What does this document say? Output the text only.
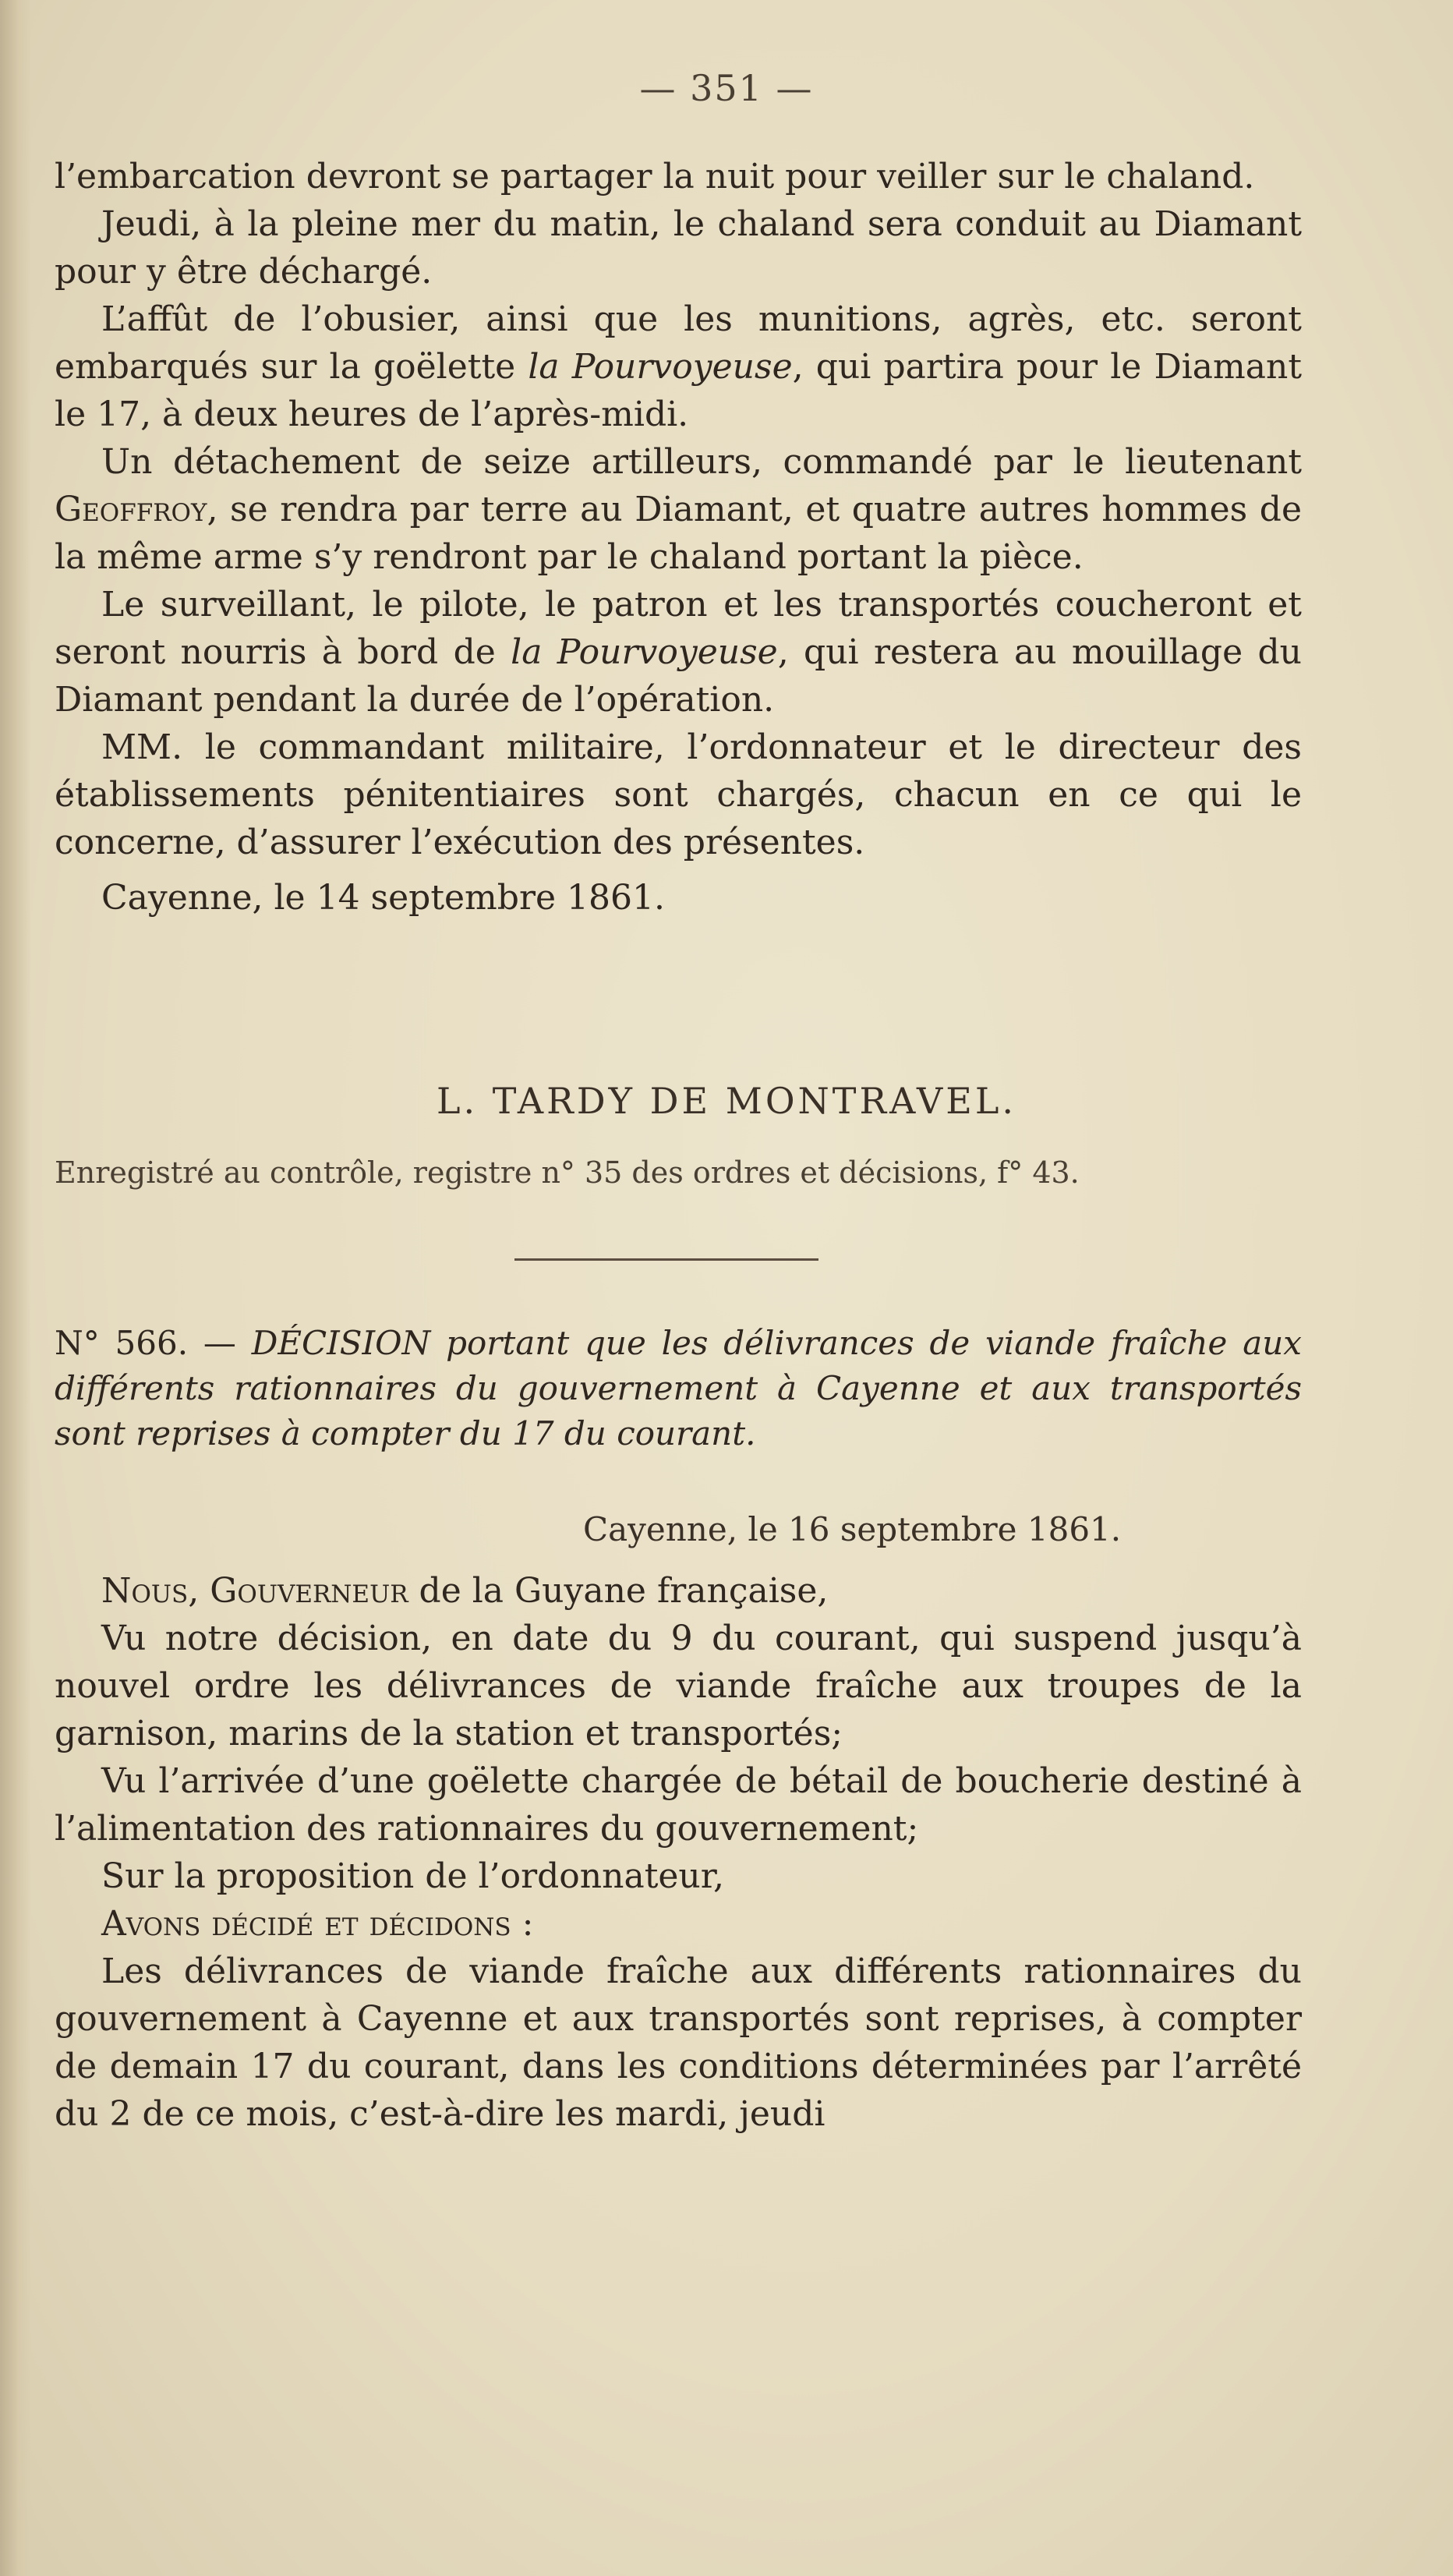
— 351 —

l’embarcation devront se partager la nuit pour veiller sur le chaland.

Jeudi, à la pleine mer du matin, le chaland sera conduit au Diamant pour y être déchargé.

L’affût de l’obusier, ainsi que les munitions, agrès, etc. seront embarqués sur la goëlette la Pourvoyeuse, qui partira pour le Diamant le 17, à deux heures de l’après-midi.

Un détachement de seize artilleurs, commandé par le lieutenant Geoffroy, se rendra par terre au Diamant, et quatre autres hommes de la même arme s’y rendront par le chaland portant la pièce.

Le surveillant, le pilote, le patron et les transportés coucheront et seront nourris à bord de la Pourvoyeuse, qui restera au mouillage du Diamant pendant la durée de l’opération.

MM. le commandant militaire, l’ordonnateur et le directeur des établissements pénitentiaires sont chargés, chacun en ce qui le concerne, d’assurer l’exécution des présentes.

Cayenne, le 14 septembre 1861.

L. TARDY DE MONTRAVEL.
Enregistré au contrôle, registre n° 35 des ordres et décisions, f° 43.
N° 566. — DÉCISION portant que les délivrances de viande fraîche aux différents rationnaires du gouvernement à Cayenne et aux transportés sont reprises à compter du 17 du courant.
Cayenne, le 16 septembre 1861.

Nous, Gouverneur de la Guyane française,

Vu notre décision, en date du 9 du courant, qui suspend jusqu’à nouvel ordre les délivrances de viande fraîche aux troupes de la garnison, marins de la station et transportés;

Vu l’arrivée d’une goëlette chargée de bétail de boucherie destiné à l’alimentation des rationnaires du gouvernement;

Sur la proposition de l’ordonnateur,

Avons décidé et décidons :

Les délivrances de viande fraîche aux différents rationnaires du gouvernement à Cayenne et aux transportés sont reprises, à compter de demain 17 du courant, dans les conditions déterminées par l’arrêté du 2 de ce mois, c’est-à-dire les mardi, jeudi
